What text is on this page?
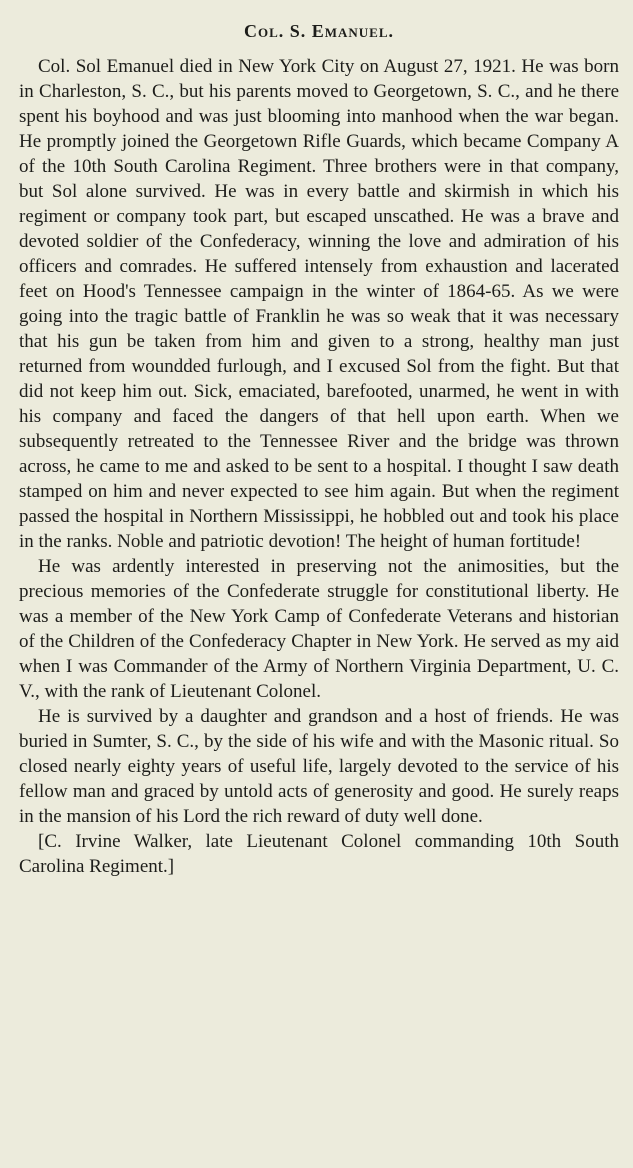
Col. S. Emanuel.

Col. Sol Emanuel died in New York City on August 27, 1921. He was born in Charleston, S. C., but his parents moved to Georgetown, S. C., and he there spent his boyhood and was just blooming into manhood when the war began. He promptly joined the Georgetown Rifle Guards, which became Company A of the 10th South Carolina Regiment. Three brothers were in that company, but Sol alone survived. He was in every battle and skirmish in which his regiment or company took part, but escaped unscathed. He was a brave and devoted soldier of the Confederacy, winning the love and admiration of his officers and comrades. He suffered intensely from exhaustion and lacerated feet on Hood's Tennessee campaign in the winter of 1864-65. As we were going into the tragic battle of Franklin he was so weak that it was necessary that his gun be taken from him and given to a strong, healthy man just returned from woundded furlough, and I excused Sol from the fight. But that did not keep him out. Sick, emaciated, barefooted, unarmed, he went in with his company and faced the dangers of that hell upon earth. When we subsequently retreated to the Tennessee River and the bridge was thrown across, he came to me and asked to be sent to a hospital. I thought I saw death stamped on him and never expected to see him again. But when the regiment passed the hospital in Northern Mississippi, he hobbled out and took his place in the ranks. Noble and patriotic devotion! The height of human fortitude!

He was ardently interested in preserving not the animosities, but the precious memories of the Confederate struggle for constitutional liberty. He was a member of the New York Camp of Confederate Veterans and historian of the Children of the Confederacy Chapter in New York. He served as my aid when I was Commander of the Army of Northern Virginia Department, U. C. V., with the rank of Lieutenant Colonel.

He is survived by a daughter and grandson and a host of friends. He was buried in Sumter, S. C., by the side of his wife and with the Masonic ritual. So closed nearly eighty years of useful life, largely devoted to the service of his fellow man and graced by untold acts of generosity and good. He surely reaps in the mansion of his Lord the rich reward of duty well done.

[C. Irvine Walker, late Lieutenant Colonel commanding 10th South Carolina Regiment.]
